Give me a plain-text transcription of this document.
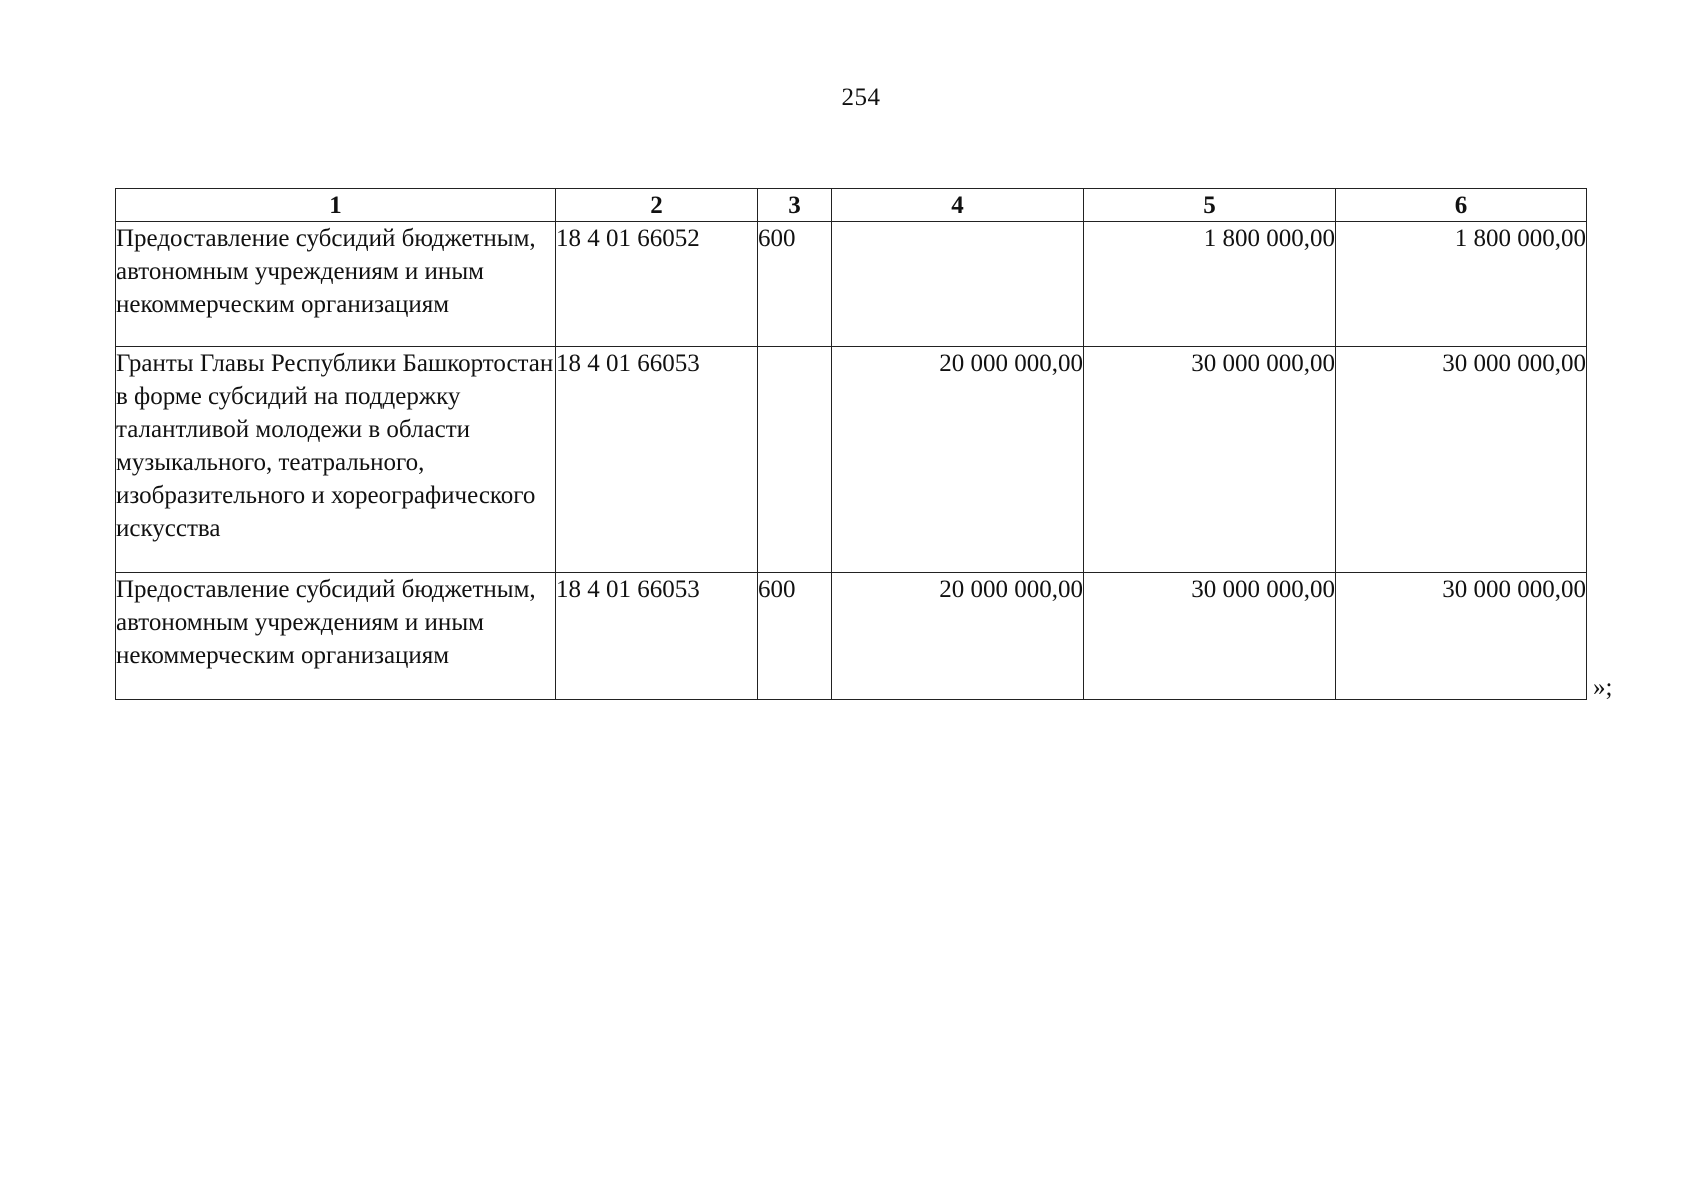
254
1	2	3	4	5	6
Предоставление субсидий бюджетным, автономным учреждениям и иным некоммерческим организациям	18 4 01 66052	600		1 800 000,00	1 800 000,00
Гранты Главы Республики Башкортостан в форме субсидий на поддержку талантливой молодежи в области музыкального, театрального, изобразительного и хореографического искусства	18 4 01 66053		20 000 000,00	30 000 000,00	30 000 000,00
Предоставление субсидий бюджетным, автономным учреждениям и иным некоммерческим организациям	18 4 01 66053	600	20 000 000,00	30 000 000,00	30 000 000,00
»;
